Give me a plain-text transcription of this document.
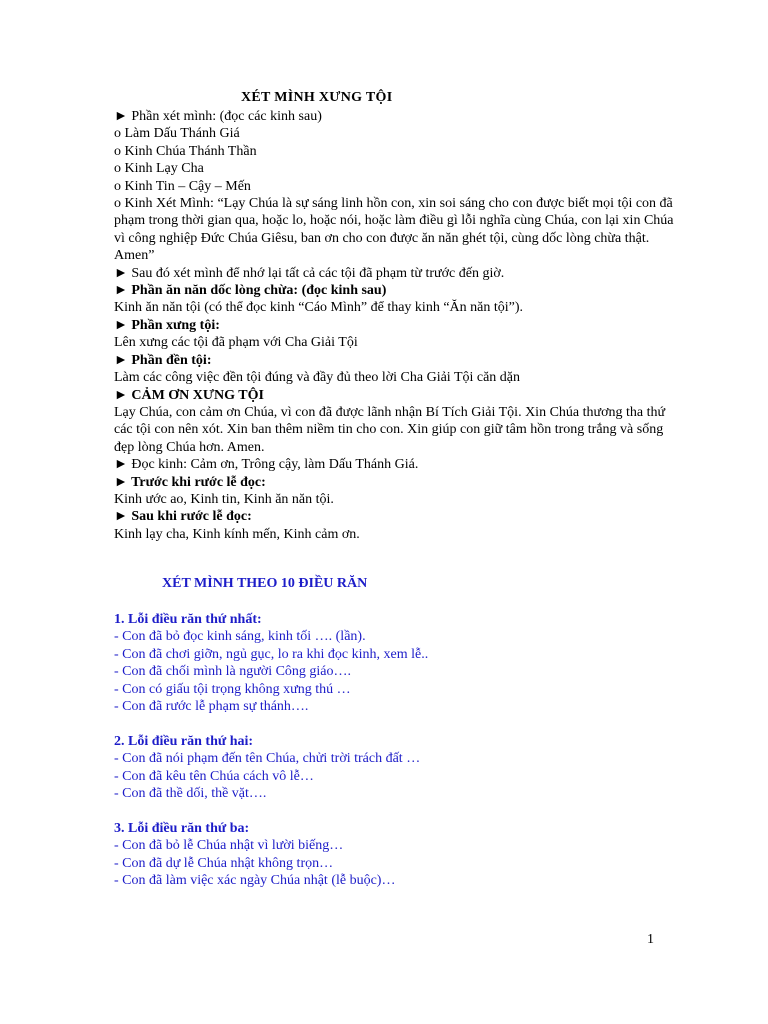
XÉT MÌNH XƯNG TỘI
► Phần xét mình: (đọc các kinh sau)
o Làm Dấu Thánh Giá
o Kinh Chúa Thánh Thần
o Kinh Lạy Cha
o Kinh Tin – Cậy – Mến
o Kinh Xét Mình: “Lạy Chúa là sự sáng linh hồn con, xin soi sáng cho con được biết mọi tội con đã phạm trong thời gian qua, hoặc lo, hoặc nói, hoặc làm điều gì lỗi nghĩa cùng Chúa, con lại xin Chúa vì công nghiệp Đức Chúa Giêsu, ban ơn cho con được ăn năn ghét tội, cùng dốc lòng chừa thật. Amen”
► Sau đó xét mình để nhớ lại tất cả các tội đã phạm từ trước đến giờ.
► Phần ăn năn dốc lòng chừa: (đọc kinh sau)
Kinh ăn năn tội (có thể đọc kinh “Cáo Mình” để thay kinh “Ăn năn tội”).
► Phần xưng tội:
Lên xưng các tội đã phạm với Cha Giải Tội
► Phần đền tội:
Làm các công việc đền tội đúng và đầy đủ theo lời Cha Giải Tội căn dặn
► CẢM ƠN XƯNG TỘI
Lạy Chúa, con cảm ơn Chúa, vì con đã được lãnh nhận Bí Tích Giải Tội. Xin Chúa thương tha thứ các tội con nên xót. Xin ban thêm niềm tin cho con. Xin giúp con giữ tâm hồn trong trắng và sống đẹp lòng Chúa hơn. Amen.
► Đọc kinh: Cảm ơn, Trông cậy, làm Dấu Thánh Giá.
► Trước khi rước lễ đọc:
Kinh ước ao, Kinh tin, Kinh ăn năn tội.
► Sau khi rước lễ đọc:
Kinh lạy cha, Kinh kính mến, Kinh cảm ơn.
XÉT MÌNH THEO 10 ĐIỀU RĂN
1. Lỗi điều răn thứ nhất:
- Con đã bỏ đọc kinh sáng, kinh tối …. (lần).
- Con đã chơi giỡn, ngủ gục, lo ra khi đọc kinh, xem lễ..
- Con đã chối mình là người Công giáo….
- Con có giấu tội trọng không xưng thú …
- Con đã rước lễ phạm sự thánh….
2. Lỗi điều răn thứ hai:
- Con đã nói phạm đến tên Chúa, chửi trời trách đất …
- Con đã kêu tên Chúa cách vô lễ…
- Con đã thề dối, thề vặt….
3. Lỗi điều răn thứ ba:
- Con đã bỏ lễ Chúa nhật vì lười biếng…
- Con đã dự lễ Chúa nhật không trọn…
- Con đã làm việc xác ngày Chúa nhật (lễ buộc)…
1
